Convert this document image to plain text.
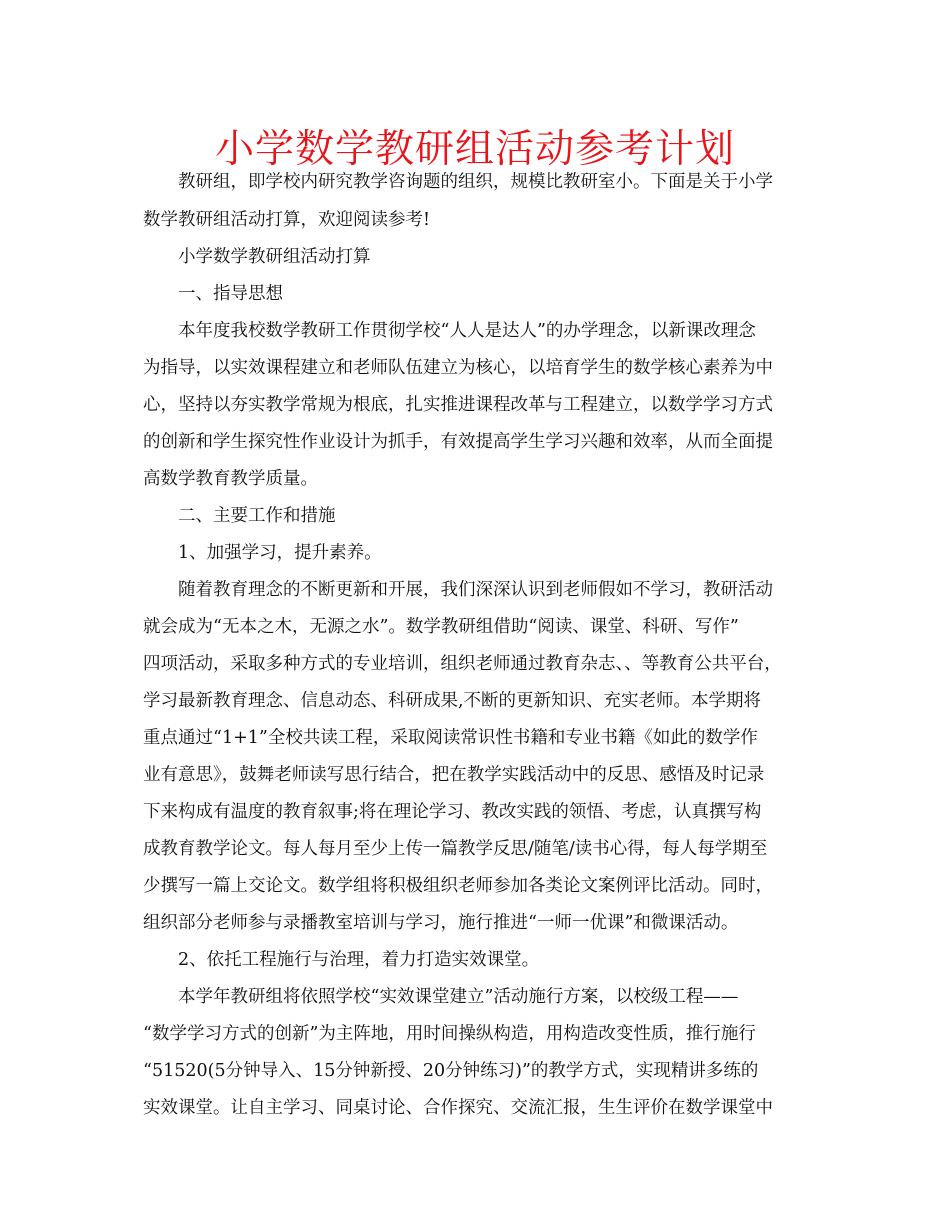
小学数学教研组活动参考计划
教研组，即学校内研究教学咨询题的组织，规模比教研室小。下面是关于小学
数学教研组活动打算，欢迎阅读参考!
小学数学教研组活动打算
一、指导思想
本年度我校数学教研工作贯彻学校“人人是达人”的办学理念，以新课改理念
为指导，以实效课程建立和老师队伍建立为核心，以培育学生的数学核心素养为中
心，坚持以夯实教学常规为根底，扎实推进课程改革与工程建立，以数学学习方式
的创新和学生探究性作业设计为抓手，有效提高学生学习兴趣和效率，从而全面提
高数学教育教学质量。
二、主要工作和措施
1、加强学习，提升素养。
随着教育理念的不断更新和开展，我们深深认识到老师假如不学习，教研活动
就会成为“无本之木，无源之水”。数学教研组借助“阅读、课堂、科研、写作”
四项活动，采取多种方式的专业培训，组织老师通过教育杂志、、等教育公共平台，
学习最新教育理念、信息动态、科研成果,不断的更新知识、充实老师。本学期将
重点通过“1+1”全校共读工程，采取阅读常识性书籍和专业书籍《如此的数学作
业有意思》，鼓舞老师读写思行结合，把在教学实践活动中的反思、感悟及时记录
下来构成有温度的教育叙事;将在理论学习、教改实践的领悟、考虑，认真撰写构
成教育教学论文。每人每月至少上传一篇教学反思/随笔/读书心得，每人每学期至
少撰写一篇上交论文。数学组将积极组织老师参加各类论文案例评比活动。同时，
组织部分老师参与录播教室培训与学习，施行推进“一师一优课”和微课活动。
2、依托工程施行与治理，着力打造实效课堂。
本学年教研组将依照学校“实效课堂建立”活动施行方案，以校级工程——
“数学学习方式的创新”为主阵地，用时间操纵构造，用构造改变性质，推行施行
“51520(5分钟导入、15分钟新授、20分钟练习)”的教学方式，实现精讲多练的
实效课堂。让自主学习、同桌讨论、合作探究、交流汇报，生生评价在数学课堂中
